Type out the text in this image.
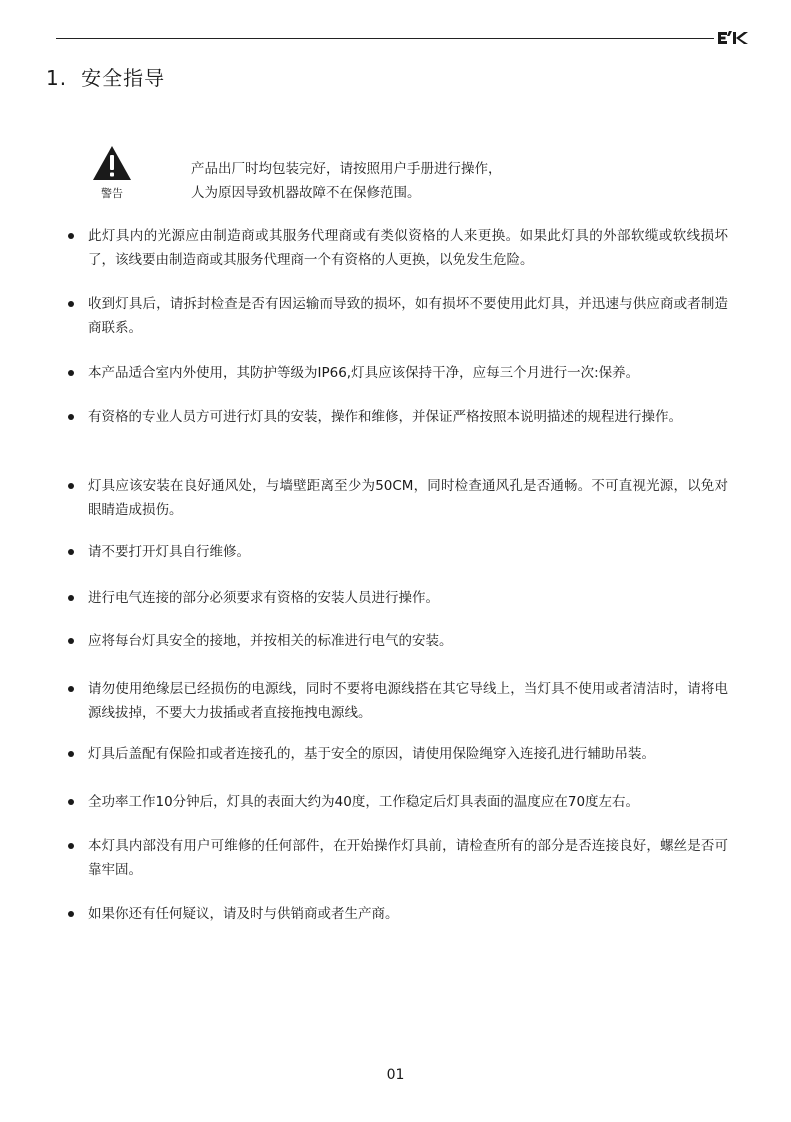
1. 安全指导
警告
产品出厂时均包装完好，请按照用户手册进行操作，
人为原因导致机器故障不在保修范围。
此灯具内的光源应由制造商或其服务代理商或有类似资格的人来更换。如果此灯具的外部软缆或软线损坏了，该线要由制造商或其服务代理商一个有资格的人更换，以免发生危险。
收到灯具后，请拆封检查是否有因运输而导致的损坏，如有损坏不要使用此灯具，并迅速与供应商或者制造商联系。
本产品适合室内外使用，其防护等级为IP66,灯具应该保持干净，应每三个月进行一次:保养。
有资格的专业人员方可进行灯具的安装，操作和维修，并保证严格按照本说明描述的规程进行操作。
灯具应该安装在良好通风处，与墙壁距离至少为50CM，同时检查通风孔是否通畅。不可直视光源，以免对眼睛造成损伤。
请不要打开灯具自行维修。
进行电气连接的部分必须要求有资格的安装人员进行操作。
应将每台灯具安全的接地，并按相关的标准进行电气的安装。
请勿使用绝缘层已经损伤的电源线，同时不要将电源线搭在其它导线上，当灯具不使用或者清洁时，请将电源线拔掉，不要大力拔插或者直接拖拽电源线。
灯具后盖配有保险扣或者连接孔的，基于安全的原因，请使用保险绳穿入连接孔进行辅助吊装。
全功率工作10分钟后，灯具的表面大约为40度，工作稳定后灯具表面的温度应在70度左右。
本灯具内部没有用户可维修的任何部件，在开始操作灯具前，请检查所有的部分是否连接良好，螺丝是否可靠牢固。
如果你还有任何疑议，请及时与供销商或者生产商。
01
